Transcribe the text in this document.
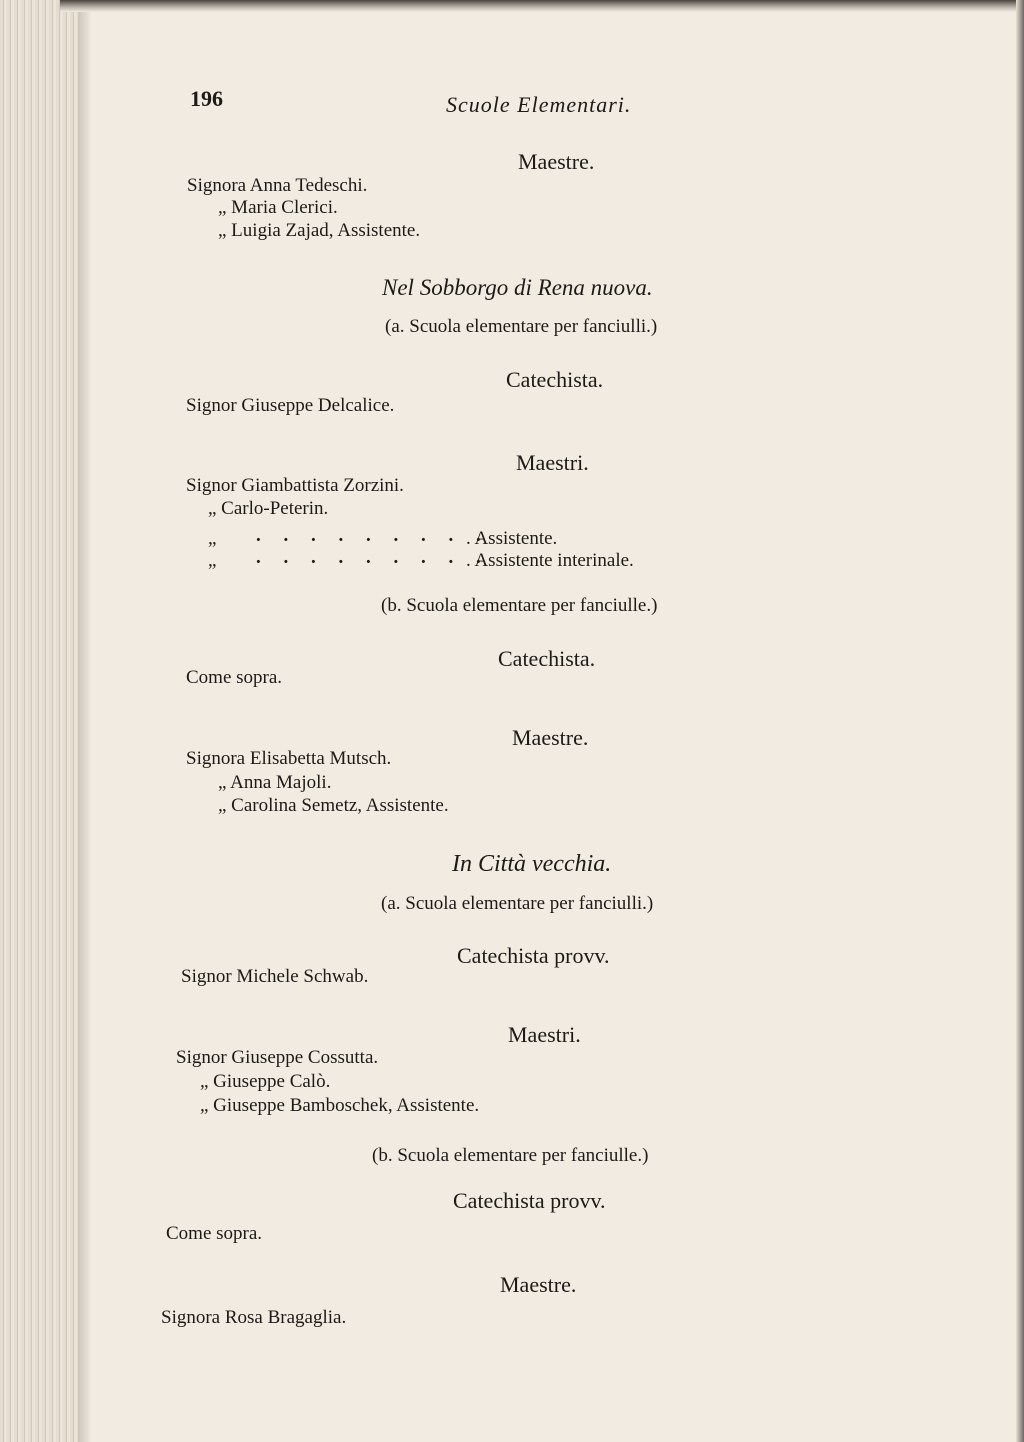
196	Scuole Elementari.
Maestre.
Signora Anna Tedeschi.
„ Maria Clerici.
„ Luigia Zajad, Assistente.
Nel Sobborgo di Rena nuova.
(a. Scuola elementare per fanciulli.)
Catechista.
Signor Giuseppe Delcalice.
Maestri.
Signor Giambattista Zorzini.
„ Carlo-Peterin.
„ . . . . . . . . .
. Assistente.
„ . . . . . . . . .
. Assistente interinale.
(b. Scuola elementare per fanciulle.)
Catechista.
Come sopra.
Maestre.
Signora Elisabetta Mutsch.
„ Anna Majoli.
„ Carolina Semetz, Assistente.
In Città vecchia.
(a. Scuola elementare per fanciulli.)
Catechista provv.
Signor Michele Schwab.
Maestri.
Signor Giuseppe Cossutta.
„ Giuseppe Calò.
„ Giuseppe Bamboschek, Assistente.
(b. Scuola elementare per fanciulle.)
Catechista provv.
Come sopra.
Maestre.
Signora Rosa Bragaglia.
